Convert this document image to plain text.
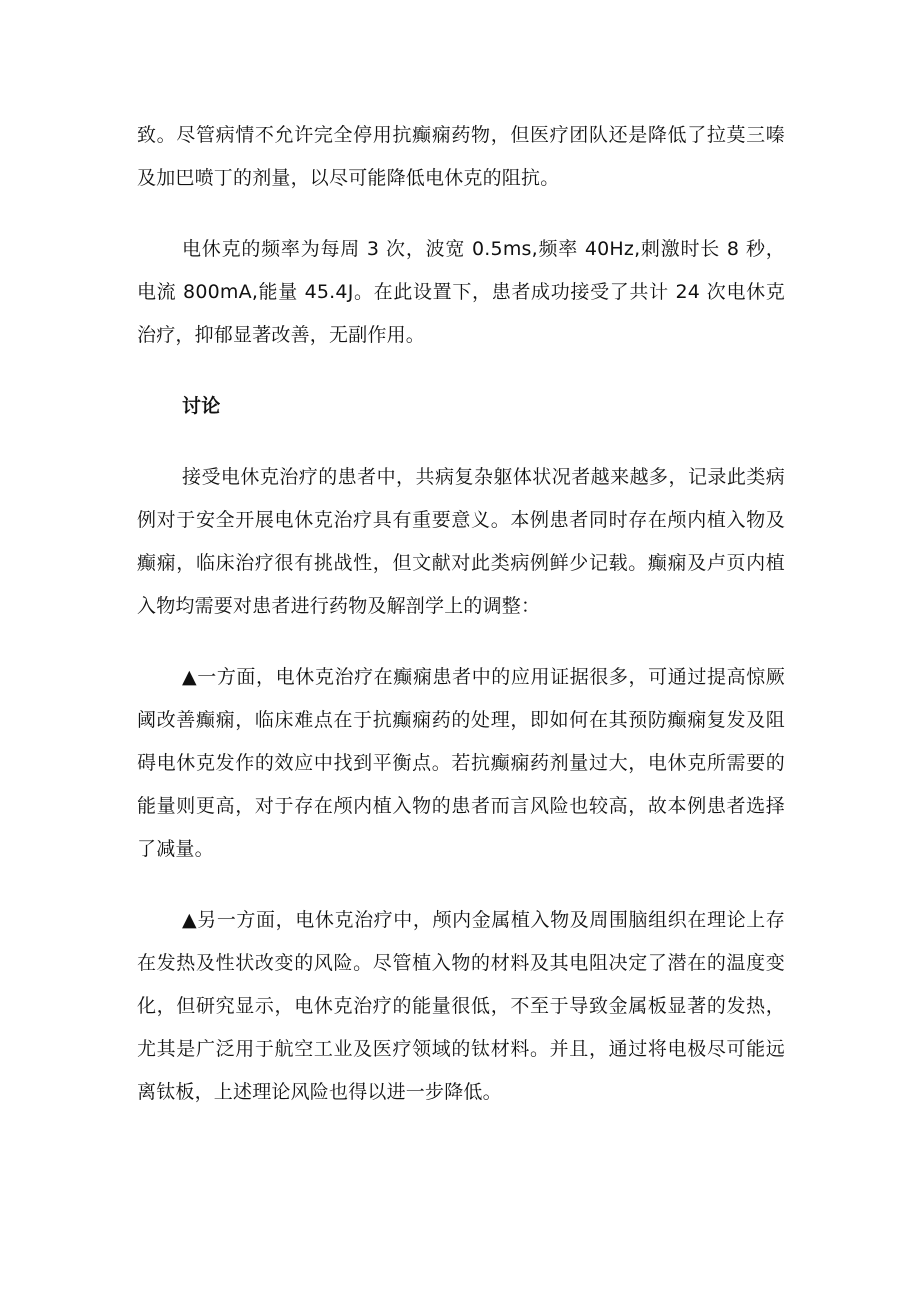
致。尽管病情不允许完全停用抗癫痫药物，但医疗团队还是降低了拉莫三嗪及加巴喷丁的剂量，以尽可能降低电休克的阻抗。

电休克的频率为每周 3 次，波宽 0.5ms,频率 40Hz,刺激时长 8 秒，电流 800mA,能量 45.4J。在此设置下，患者成功接受了共计 24 次电休克治疗，抑郁显著改善，无副作用。

讨论

接受电休克治疗的患者中，共病复杂躯体状况者越来越多，记录此类病例对于安全开展电休克治疗具有重要意义。本例患者同时存在颅内植入物及癫痫，临床治疗很有挑战性，但文献对此类病例鲜少记载。癫痫及卢页内植入物均需要对患者进行药物及解剖学上的调整：

▲一方面，电休克治疗在癫痫患者中的应用证据很多，可通过提高惊厥阈改善癫痫，临床难点在于抗癫痫药的处理，即如何在其预防癫痫复发及阻碍电休克发作的效应中找到平衡点。若抗癫痫药剂量过大，电休克所需要的能量则更高，对于存在颅内植入物的患者而言风险也较高，故本例患者选择了减量。

▲另一方面，电休克治疗中，颅内金属植入物及周围脑组织在理论上存在发热及性状改变的风险。尽管植入物的材料及其电阻决定了潜在的温度变化，但研究显示，电休克治疗的能量很低，不至于导致金属板显著的发热，尤其是广泛用于航空工业及医疗领域的钛材料。并且，通过将电极尽可能远离钛板，上述理论风险也得以进一步降低。
